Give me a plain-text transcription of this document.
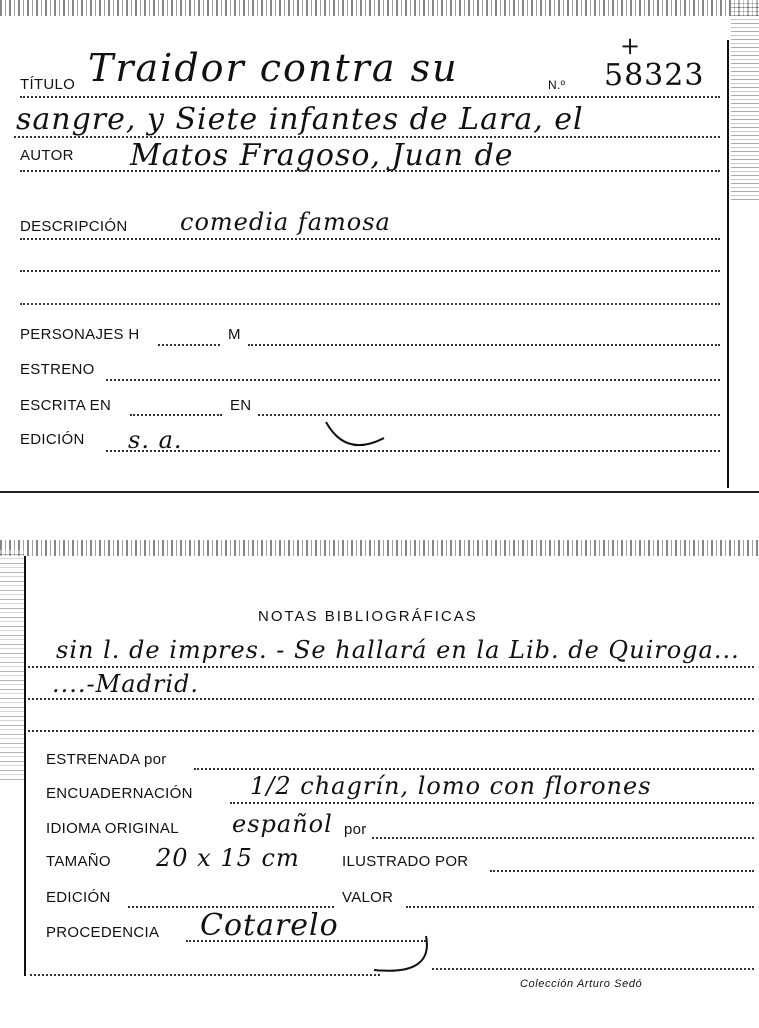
TÍTULO Traidor contra su	N.º 58323
+
sangre, y Siete infantes de Lara, el
AUTOR Matos Fragoso, Juan de
DESCRIPCIÓN comedia famosa
PERSONAJES H	M
ESTRENO
ESCRITA EN	EN
EDICIÓN s. a.
NOTAS BIBLIOGRÁFICAS
sin l. de impres. - Se hallará en la Lib. de Quiroga...
....-Madrid.
ESTRENADA por
ENCUADERNACIÓN 1/2 chagrín, lomo con florones
IDIOMA ORIGINAL español por
TAMAÑO 20 x 15 cm	ILUSTRADO POR
EDICIÓN	VALOR
PROCEDENCIA Cotarelo
Colección Arturo Sedó
